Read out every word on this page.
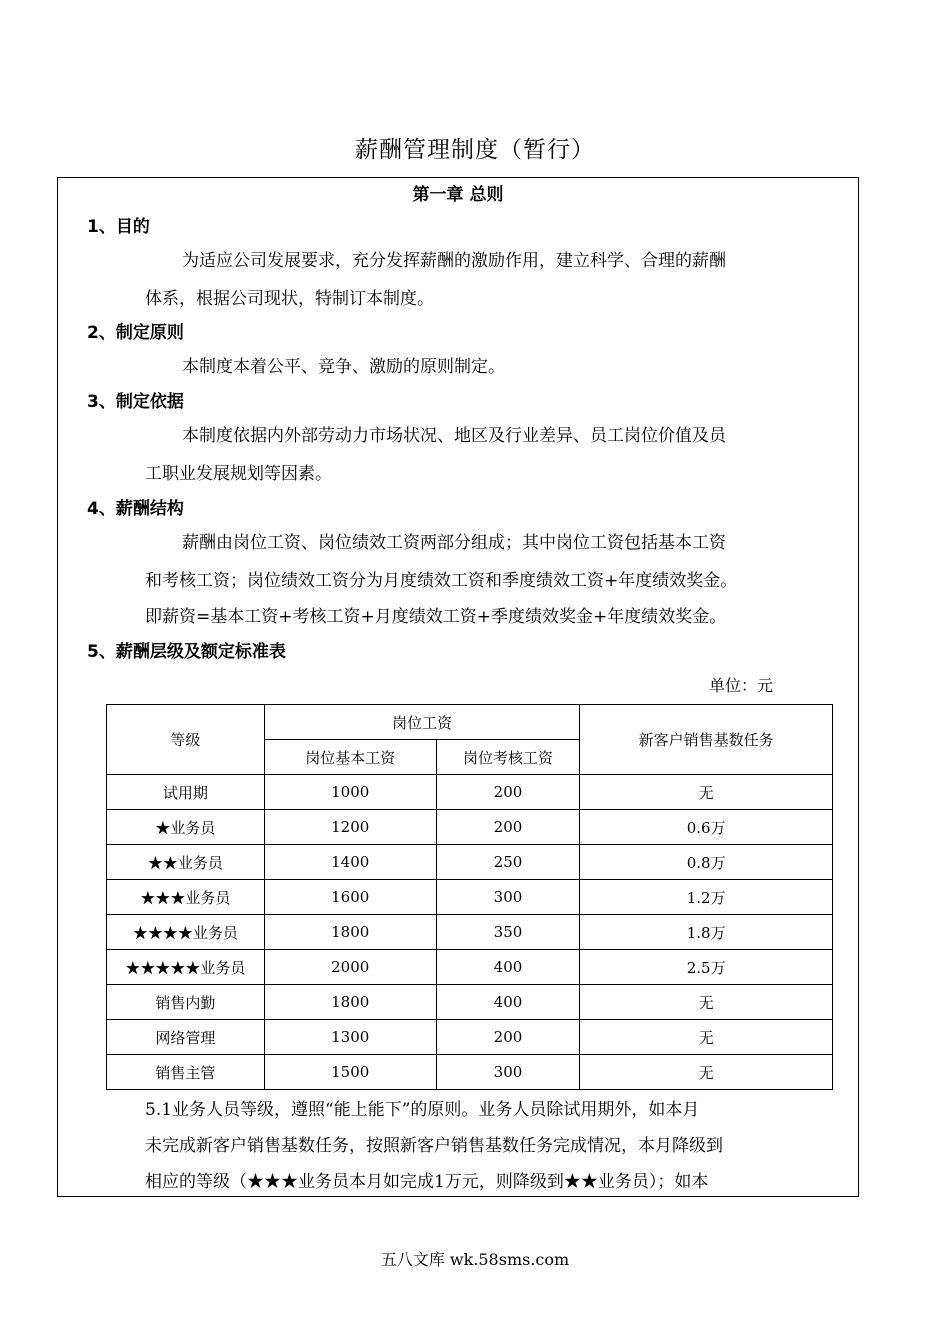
薪酬管理制度（暂行）
第一章 总则
1、目的
为适应公司发展要求，充分发挥薪酬的激励作用，建立科学、合理的薪酬
体系，根据公司现状，特制订本制度。
2、制定原则
本制度本着公平、竞争、激励的原则制定。
3、制定依据
本制度依据内外部劳动力市场状况、地区及行业差异、员工岗位价值及员
工职业发展规划等因素。
4、薪酬结构
薪酬由岗位工资、岗位绩效工资两部分组成；其中岗位工资包括基本工资
和考核工资；岗位绩效工资分为月度绩效工资和季度绩效工资+年度绩效奖金。
即薪资=基本工资+考核工资+月度绩效工资+季度绩效奖金+年度绩效奖金。
5、薪酬层级及额定标准表
单位：元
等级	岗位工资		新客户销售基数任务
	岗位基本工资	岗位考核工资	
试用期	1000	200	无
★业务员	1200	200	0.6万
★★业务员	1400	250	0.8万
★★★业务员	1600	300	1.2万
★★★★业务员	1800	350	1.8万
★★★★★业务员	2000	400	2.5万
销售内勤	1800	400	无
网络管理	1300	200	无
销售主管	1500	300	无
5.1业务人员等级，遵照“能上能下”的原则。业务人员除试用期外，如本月
未完成新客户销售基数任务，按照新客户销售基数任务完成情况，本月降级到
相应的等级（★★★业务员本月如完成1万元，则降级到★★业务员）；如本
五八文库 wk.58sms.com
